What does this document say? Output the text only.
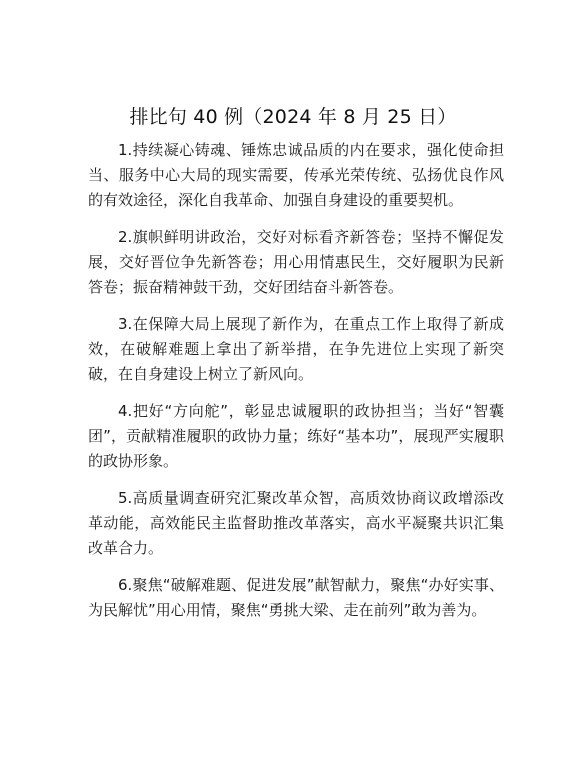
排比句 40 例（2024 年 8 月 25 日）

1.持续凝心铸魂、锤炼忠诚品质的内在要求，强化使命担当、服务中心大局的现实需要，传承光荣传统、弘扬优良作风的有效途径，深化自我革命、加强自身建设的重要契机。

2.旗帜鲜明讲政治，交好对标看齐新答卷；坚持不懈促发展，交好晋位争先新答卷；用心用情惠民生，交好履职为民新答卷；振奋精神鼓干劲，交好团结奋斗新答卷。

3.在保障大局上展现了新作为，在重点工作上取得了新成效，在破解难题上拿出了新举措，在争先进位上实现了新突破，在自身建设上树立了新风向。

4.把好“方向舵”，彰显忠诚履职的政协担当；当好“智囊团”，贡献精准履职的政协力量；练好“基本功”，展现严实履职的政协形象。

5.高质量调查研究汇聚改革众智，高质效协商议政增添改革动能，高效能民主监督助推改革落实，高水平凝聚共识汇集改革合力。

6.聚焦“破解难题、促进发展”献智献力，聚焦“办好实事、为民解忧”用心用情，聚焦“勇挑大梁、走在前列”敢为善为。
